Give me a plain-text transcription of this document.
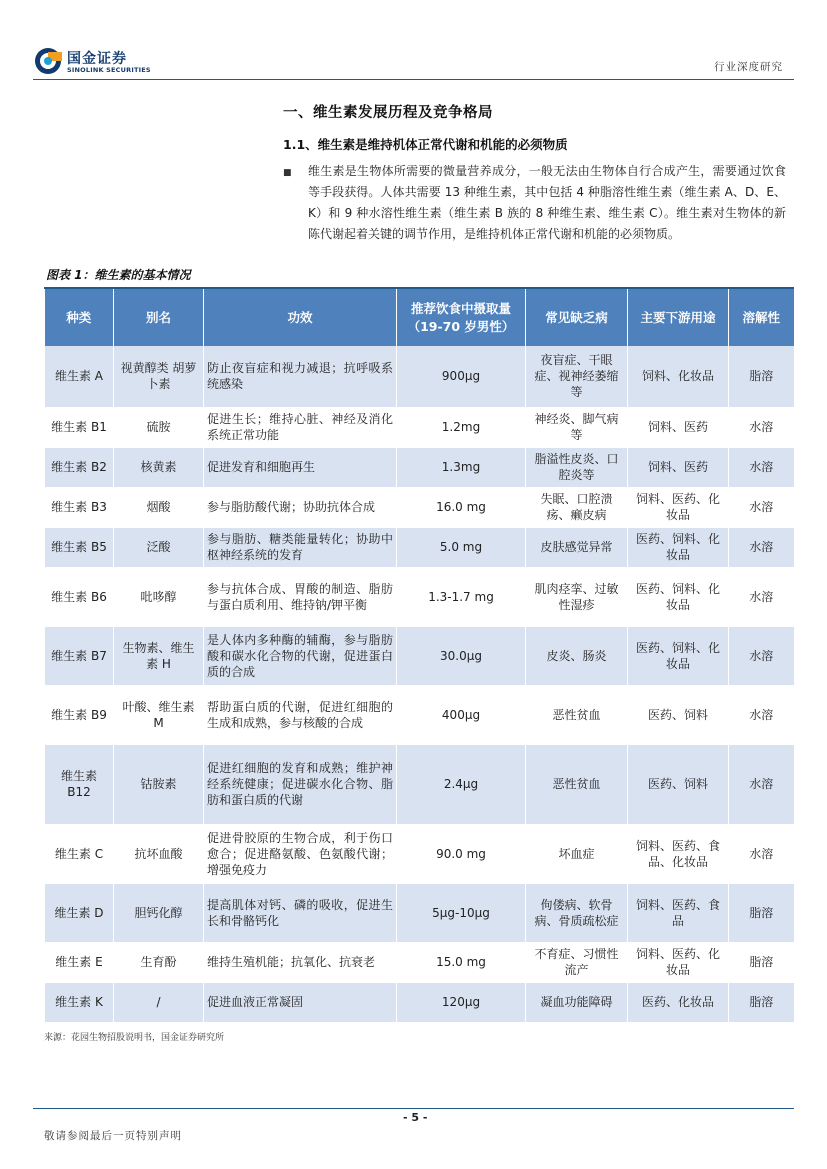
国金证券
SINOLINK SECURITIES	行业深度研究
一、维生素发展历程及竞争格局
1.1、维生素是维持机体正常代谢和机能的必须物质
■ 维生素是生物体所需要的微量营养成分，一般无法由生物体自行合成产生，需要通过饮食等手段获得。人体共需要 13 种维生素，其中包括 4 种脂溶性维生素（维生素 A、D、E、K）和 9 种水溶性维生素（维生素 B 族的 8 种维生素、维生素 C）。维生素对生物体的新陈代谢起着关键的调节作用，是维持机体正常代谢和机能的必须物质。
图表 1：维生素的基本情况
种类	别名	功效	推荐饮食中摄取量（19-70 岁男性）	常见缺乏病	主要下游用途	溶解性
维生素 A	视黄醇类 胡萝卜素	防止夜盲症和视力减退；抗呼吸系统感染	900μg	夜盲症、干眼症、视神经萎缩等	饲料、化妆品	脂溶
维生素 B1	硫胺	促进生长；维持心脏、神经及消化系统正常功能	1.2mg	神经炎、脚气病等	饲料、医药	水溶
维生素 B2	核黄素	促进发育和细胞再生	1.3mg	脂溢性皮炎、口腔炎等	饲料、医药	水溶
维生素 B3	烟酸	参与脂肪酸代谢；协助抗体合成	16.0 mg	失眠、口腔溃疡、癞皮病	饲料、医药、化妆品	水溶
维生素 B5	泛酸	参与脂肪、糖类能量转化；协助中枢神经系统的发育	5.0 mg	皮肤感觉异常	医药、饲料、化妆品	水溶
维生素 B6	吡哆醇	参与抗体合成、胃酸的制造、脂肪与蛋白质利用、维持钠/钾平衡	1.3-1.7 mg	肌肉痉挛、过敏性湿疹	医药、饲料、化妆品	水溶
维生素 B7	生物素、维生素 H	是人体内多种酶的辅酶，参与脂肪酸和碳水化合物的代谢，促进蛋白质的合成	30.0μg	皮炎、肠炎	医药、饲料、化妆品	水溶
维生素 B9	叶酸、维生素 M	帮助蛋白质的代谢，促进红细胞的生成和成熟，参与核酸的合成	400μg	恶性贫血	医药、饲料	水溶
维生素 B12	钴胺素	促进红细胞的发育和成熟；维护神经系统健康；促进碳水化合物、脂肪和蛋白质的代谢	2.4μg	恶性贫血	医药、饲料	水溶
维生素 C	抗坏血酸	促进骨胶原的生物合成，利于伤口愈合；促进酪氨酸、色氨酸代谢；增强免疫力	90.0 mg	坏血症	饲料、医药、食品、化妆品	水溶
维生素 D	胆钙化醇	提高肌体对钙、磷的吸收，促进生长和骨骼钙化	5μg-10μg	佝偻病、软骨病、骨质疏松症	饲料、医药、食品	脂溶
维生素 E	生育酚	维持生殖机能；抗氧化、抗衰老	15.0 mg	不育症、习惯性流产	饲料、医药、化妆品	脂溶
维生素 K	/	促进血液正常凝固	120μg	凝血功能障碍	医药、化妆品	脂溶
来源：花园生物招股说明书，国金证券研究所
- 5 -
敬请参阅最后一页特别声明
